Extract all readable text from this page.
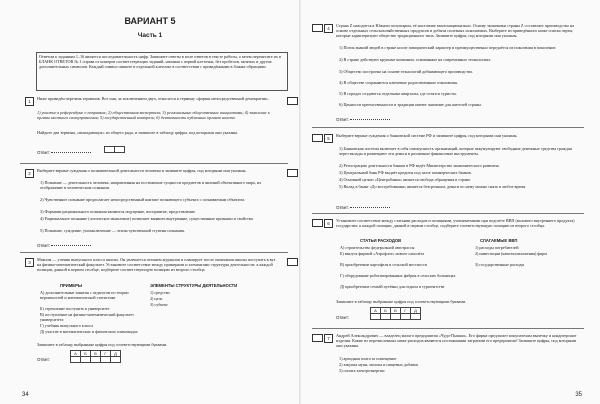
ВАРИАНТ 5
Часть 1

Ответом к заданиям 1–16 является последовательность цифр. Запишите ответы в поле ответов в тексте работы, а затем перенесите их в БЛАНК ОТВЕТОВ № 1 справа от номеров соответствующих заданий, начиная с первой клеточки, без пробелов, запятых и других дополнительных символов. Каждый символ пишите в отдельной клеточке в соответствии с приведёнными в бланке образцами.

1

Ниже приведён перечень терминов. Все они, за исключением двух, относятся к термину «формы непосредственной демократии».

1) участие в референдуме о поправках; 2) общественная экспертиза; 3) региональные общественные инициативы; 4) заявление в органы местного самоуправления; 5) государственный контроль; 6) деятельность публичных органов власти.

Найдите два термина, «выпадающих» из общего ряда, и запишите в таблицу цифры, под которыми они указаны.

Ответ:

2

Выберите верные суждения о познавательной деятельности человека и запишите цифры, под которыми они указаны.

1) Познание — деятельность человека, направленная на постижение сущности предметов и явлений объективного мира, их отображение в человеческом сознании.

2) Чувственное познание предполагает непосредственный контакт познающего субъекта с познаваемым объектом.

3) Формами рационального познания являются ощущение, восприятие, представление.

4) Рациональное познание (логическое мышление) позволяет выявить внутренние, существенные признаки и свойства.

5) Познание, суждение, умозаключение — этапы чувственной ступени познания.

Ответ:
3

Максим — ученик выпускного класса школы. Он увлекается чтением журналов и планирует после окончания школы поступать в вуз на физико-математический факультет. Установите соответствие между примерами и элементами структуры деятельности: к каждой позиции, данной в первом столбце, подберите соответствующую позицию из второго столбца.

ПРИМЕРЫ	ЭЛЕМЕНТЫ СТРУКТУРЫ ДЕЯТЕЛЬНОСТИ

А) дополнительные занятия с педагогом по теории вероятностей и математической статистике

Б) стремление поступить в университет

В) поступление на физико-математический факультет университета

Г) учебник выпускного класса

Д) участие в математических и физических олимпиадах

1) средство

2) цель

3) субъект

Запишите в таблицу выбранные цифры под соответствующими буквами.

Ответ:
А	Б	В	Г	Д

34
4

Страна Z находится в Южном полушарии, её население многонационально. Основу экономики страны Z составляет производство на основе отдельных сельскохозяйственных продуктов и добыча полезных ископаемых. Выберите из приведённого ниже списка черты, которые характеризуют общество традиционного типа. Запишите цифры, под которыми они указаны.

1) Поток знаний людей в стране носит эмпирический характер и преимущественно передаётся из поколения в поколение.

2) В стране действуют крупные компании, основанные на современных технологиях.

3) Общество построено на основе технологий добывающего производства.

4) В обществе сохраняются ключевые родоплеменные отношения.

5) В городах создаются отдельные кварталы, где селятся туристы.

6) Ценности преемственности и традиции имеют значение для жителей страны.

Ответ:
5

Выберите верные суждения о банковской системе РФ и запишите цифры, под которыми они указаны.

1) Банковская система включает в себя совокупность организаций, которые аккумулируют свободные денежные средства граждан через вклады и размещают эти деньги в различные финансовые инструменты.

2) Регистрацию деятельности банков в РФ ведёт Министерство экономического развития.

3) Центральный банк РФ выдаёт кредиты под залог коммерческих банков.

4) Основной целью «Центробанка» является свобода обращения в стране.

5) Вклад в банке «До востребования» является безсрочным, деньги по нему можно снять в любое время.

Ответ:
6

Установите соответствие между статьями расходов и позициями, учитываемыми при подсчёте ВВП (валового внутреннего продукта) государства: к каждой позиции, данной в первом столбце, подберите соответствующую позицию из второго столбца.

СТАТЬИ РАСХОДОВ	СЛАГАЕМЫЕ ВВП

А) строительство федеральной автотрассы

Б) выпуск фирмой «Аэрофлот» нового самолёта

В) приобретение картофеля в сельской местности

Г) оборудование роботизированных фабрик в сельских больницах

Д) приобретение семьёй путёвки для отдыха в турагентстве

1) расходы потребителей

2) инвестиции (капиталовложения) фирм

3) государственные расходы

Запишите в таблицу выбранные цифры под соответствующими буквами.

Ответ:
А	Б	В	Г	Д

7

Андрей Александрович — владелец малого предприятия «Чудо-Пышки». Его фирма предлагает покупателям выпечку и кондитерские изделия. Какие из перечисленных ниже расходов являются постоянными затратами его предприятия? Запишите цифры, под которыми они указаны.

1) арендная плата за помещение

2) закупка муки, молока и пищевых добавок

3) оплата электроэнергии

35
